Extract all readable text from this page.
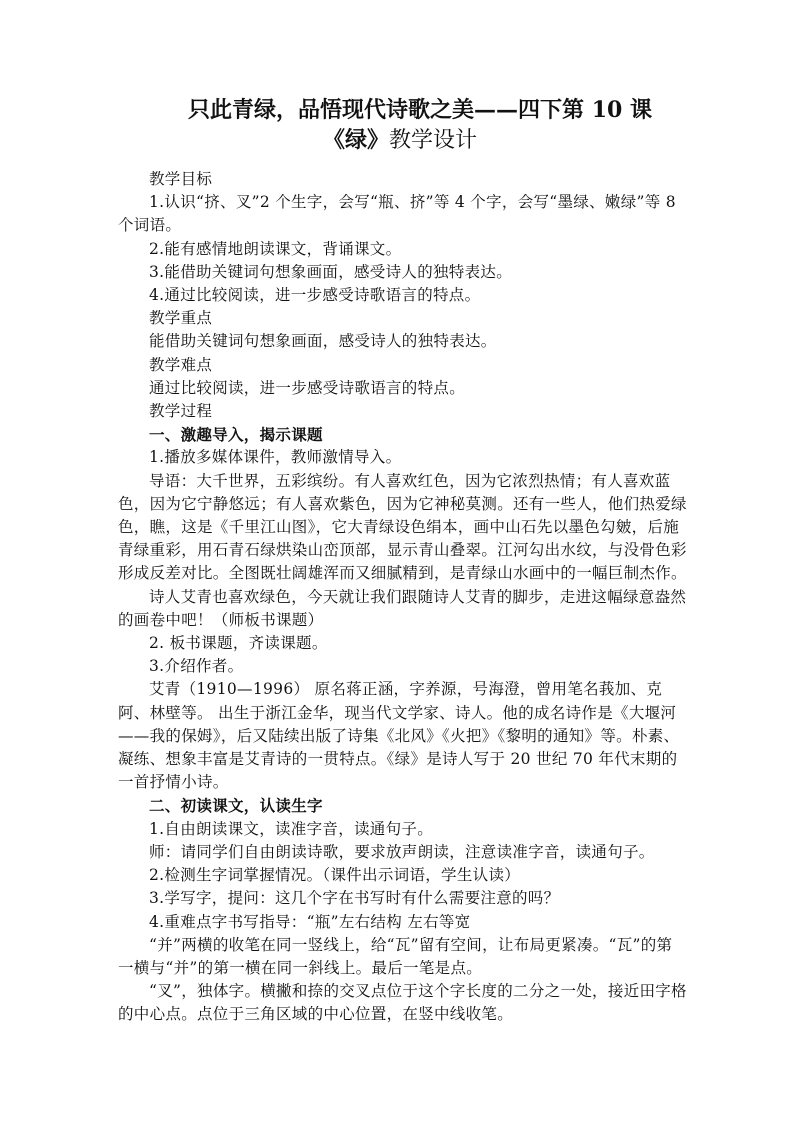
只此青绿，品悟现代诗歌之美——四下第 10 课
《绿》教学设计

教学目标

1.认识“挤、叉”2 个生字，会写“瓶、挤”等 4 个字，会写“墨绿、嫩绿”等 8 个词语。

2.能有感情地朗读课文，背诵课文。

3.能借助关键词句想象画面，感受诗人的独特表达。

4.通过比较阅读，进一步感受诗歌语言的特点。

教学重点

能借助关键词句想象画面，感受诗人的独特表达。

教学难点

通过比较阅读，进一步感受诗歌语言的特点。

教学过程

一、激趣导入，揭示课题

1.播放多媒体课件，教师激情导入。

导语：大千世界，五彩缤纷。有人喜欢红色，因为它浓烈热情；有人喜欢蓝色，因为它宁静悠远；有人喜欢紫色，因为它神秘莫测。还有一些人，他们热爱绿色，瞧，这是《千里江山图》，它大青绿设色绢本，画中山石先以墨色勾皴，后施青绿重彩，用石青石绿烘染山峦顶部，显示青山叠翠。江河勾出水纹，与没骨色彩形成反差对比。全图既壮阔雄浑而又细腻精到，是青绿山水画中的一幅巨制杰作。

诗人艾青也喜欢绿色，今天就让我们跟随诗人艾青的脚步，走进这幅绿意盎然的画卷中吧！（师板书课题）

2. 板书课题，齐读课题。

3.介绍作者。

艾青（1910—1996） 原名蒋正涵，字养源，号海澄，曾用笔名莪加、克阿、林壁等。 出生于浙江金华，现当代文学家、诗人。他的成名诗作是《大堰河——我的保姆》，后又陆续出版了诗集《北风》《火把》《黎明的通知》等。朴素、凝练、想象丰富是艾青诗的一贯特点。《绿》是诗人写于 20 世纪 70 年代末期的一首抒情小诗。

二、初读课文，认读生字

1.自由朗读课文，读准字音，读通句子。

师：请同学们自由朗读诗歌，要求放声朗读，注意读准字音，读通句子。

2.检测生字词掌握情况。（课件出示词语，学生认读）

3.学写字，提问：这几个字在书写时有什么需要注意的吗？

4.重难点字书写指导：“瓶”左右结构 左右等宽

“并”两横的收笔在同一竖线上，给“瓦”留有空间，让布局更紧凑。“瓦”的第一横与“并”的第一横在同一斜线上。最后一笔是点。

“叉”，独体字。横撇和捺的交叉点位于这个字长度的二分之一处，接近田字格的中心点。点位于三角区域的中心位置，在竖中线收笔。
